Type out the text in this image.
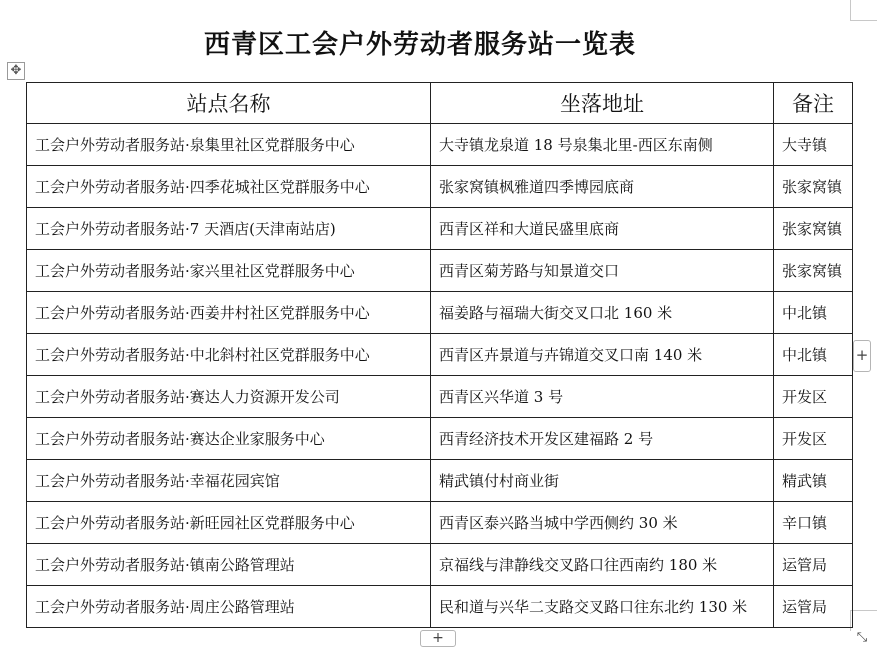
西青区工会户外劳动者服务站一览表
✥
站点名称	坐落地址	备注
工会户外劳动者服务站·泉集里社区党群服务中心	大寺镇龙泉道 18 号泉集北里-西区东南侧	大寺镇
工会户外劳动者服务站·四季花城社区党群服务中心	张家窝镇枫雅道四季博园底商	张家窝镇
工会户外劳动者服务站·7 天酒店(天津南站店)	西青区祥和大道民盛里底商	张家窝镇
工会户外劳动者服务站·家兴里社区党群服务中心	西青区菊芳路与知景道交口	张家窝镇
工会户外劳动者服务站·西姜井村社区党群服务中心	福姜路与福瑞大街交叉口北 160 米	中北镇
工会户外劳动者服务站·中北斜村社区党群服务中心	西青区卉景道与卉锦道交叉口南 140 米	中北镇
工会户外劳动者服务站·赛达人力资源开发公司	西青区兴华道 3 号	开发区
工会户外劳动者服务站·赛达企业家服务中心	西青经济技术开发区建福路 2 号	开发区
工会户外劳动者服务站·幸福花园宾馆	精武镇付村商业街	精武镇
工会户外劳动者服务站·新旺园社区党群服务中心	西青区泰兴路当城中学西侧约 30 米	辛口镇
工会户外劳动者服务站·镇南公路管理站	京福线与津静线交叉路口往西南约 180 米	运管局
工会户外劳动者服务站·周庄公路管理站	民和道与兴华二支路交叉路口往东北约 130 米	运管局
+
+	⤡
